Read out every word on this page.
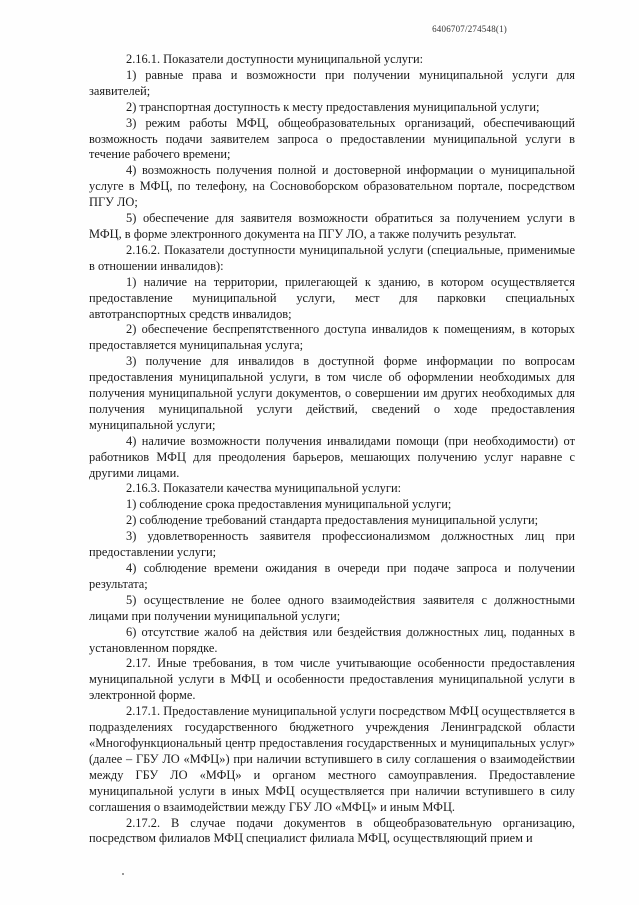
6406707/274548(1)

2.16.1. Показатели доступности муниципальной услуги:

1) равные права и возможности при получении муниципальной услуги для заявителей;

2) транспортная доступность к месту предоставления муниципальной услуги;

3) режим работы МФЦ, общеобразовательных организаций, обеспечивающий возможность подачи заявителем запроса о предоставлении муниципальной услуги в течение рабочего времени;

4) возможность получения полной и достоверной информации о муниципальной услуге в МФЦ, по телефону, на Сосновоборском образовательном портале, посредством ПГУ ЛО;

5) обеспечение для заявителя возможности обратиться за получением услуги в МФЦ, в форме электронного документа на ПГУ ЛО, а также получить результат.

2.16.2. Показатели доступности муниципальной услуги (специальные, применимые в отношении инвалидов):

1) наличие на территории, прилегающей к зданию, в котором осуществляется предоставление муниципальной услуги, мест для парковки специальных автотранспортных средств инвалидов;

2) обеспечение беспрепятственного доступа инвалидов к помещениям, в которых предоставляется муниципальная услуга;

3) получение для инвалидов в доступной форме информации по вопросам предоставления муниципальной услуги, в том числе об оформлении необходимых для получения муниципальной услуги документов, о совершении им других необходимых для получения муниципальной услуги действий, сведений о ходе предоставления муниципальной услуги;

4) наличие возможности получения инвалидами помощи (при необходимости) от работников МФЦ для преодоления барьеров, мешающих получению услуг наравне с другими лицами.

2.16.3. Показатели качества муниципальной услуги:

1) соблюдение срока предоставления муниципальной услуги;

2) соблюдение требований стандарта предоставления муниципальной услуги;

3) удовлетворенность заявителя профессионализмом должностных лиц при предоставлении услуги;

4) соблюдение времени ожидания в очереди при подаче запроса и получении результата;

5) осуществление не более одного взаимодействия заявителя с должностными лицами при получении муниципальной услуги;

6) отсутствие жалоб на действия или бездействия должностных лиц, поданных в установленном порядке.

2.17. Иные требования, в том числе учитывающие особенности предоставления муниципальной услуги в МФЦ и особенности предоставления муниципальной услуги в электронной форме.

2.17.1. Предоставление муниципальной услуги посредством МФЦ осуществляется в подразделениях государственного бюджетного учреждения Ленинградской области «Многофункциональный центр предоставления государственных и муниципальных услуг» (далее – ГБУ ЛО «МФЦ») при наличии вступившего в силу соглашения о взаимодействии между ГБУ ЛО «МФЦ» и органом местного самоуправления. Предоставление муниципальной услуги в иных МФЦ осуществляется при наличии вступившего в силу соглашения о взаимодействии между ГБУ ЛО «МФЦ» и иным МФЦ.

2.17.2. В случае подачи документов в общеобразовательную организацию, посредством филиалов МФЦ специалист филиала МФЦ, осуществляющий прием и
